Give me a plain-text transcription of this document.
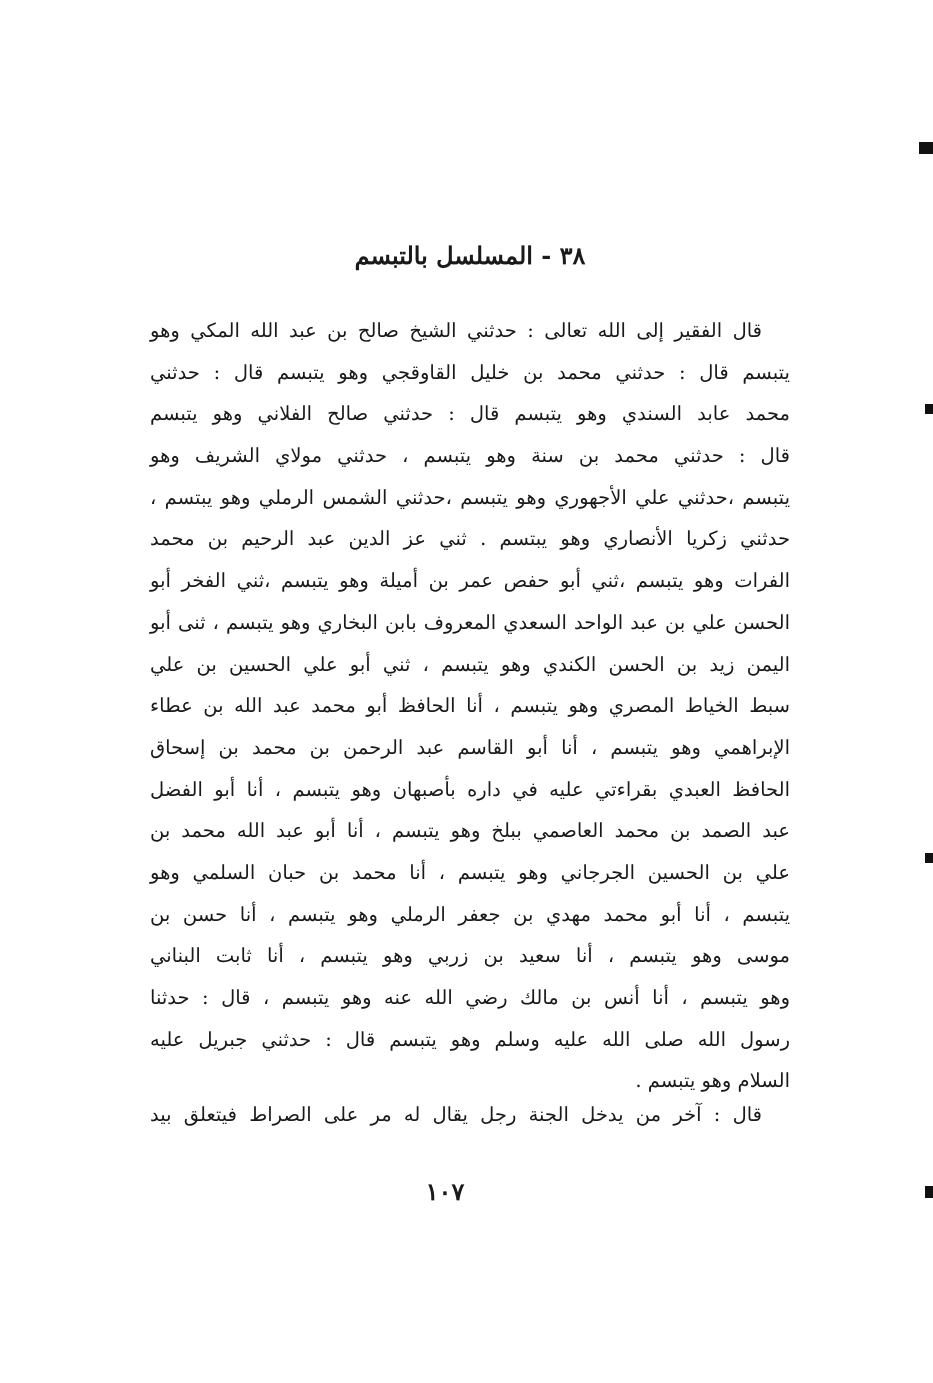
٣٨ - المسلسل بالتبسم
قال الفقير إلى الله تعالى : حدثني الشيخ صالح بن عبد الله المكي وهو
يتبسم قال : حدثني محمد بن خليل القاوقجي وهو يتبسم قال : حدثني
محمد عابد السندي وهو يتبسم قال : حدثني صالح الفلاني وهو يتبسم
قال : حدثني محمد بن سنة وهو يتبسم ، حدثني مولاي الشريف وهو
يتبسم ،حدثني علي الأجهوري وهو يتبسم ،حدثني الشمس الرملي وهو يبتسم ،
حدثني زكريا الأنصاري وهو يبتسم . ثني عز الدين عبد الرحيم بن محمد
الفرات وهو يتبسم ،ثني أبو حفص عمر بن أميلة وهو يتبسم ،ثني الفخر أبو
الحسن علي بن عبد الواحد السعدي المعروف بابن البخاري وهو يتبسم ، ثنى أبو
اليمن زيد بن الحسن الكندي وهو يتبسم ، ثني أبو علي الحسين بن علي
سبط الخياط المصري وهو يتبسم ، أنا الحافظ أبو محمد عبد الله بن عطاء
الإبراهمي وهو يتبسم ، أنا أبو القاسم عبد الرحمن بن محمد بن إسحاق
الحافظ العبدي بقراءتي عليه في داره بأصبهان وهو يتبسم ، أنا أبو الفضل
عبد الصمد بن محمد العاصمي ببلخ وهو يتبسم ، أنا أبو عبد الله محمد بن
علي بن الحسين الجرجاني وهو يتبسم ، أنا محمد بن حبان السلمي وهو
يتبسم ، أنا أبو محمد مهدي بن جعفر الرملي وهو يتبسم ، أنا حسن بن
موسى وهو يتبسم ، أنا سعيد بن زربي وهو يتبسم ، أنا ثابت البناني
وهو يتبسم ، أنا أنس بن مالك رضي الله عنه وهو يتبسم ، قال : حدثنا
رسول الله صلى الله عليه وسلم وهو يتبسم قال : حدثني جبريل عليه
السلام وهو يتبسم .
قال : آخر من يدخل الجنة رجل يقال له مر على الصراط فيتعلق بيد
١٠٧
